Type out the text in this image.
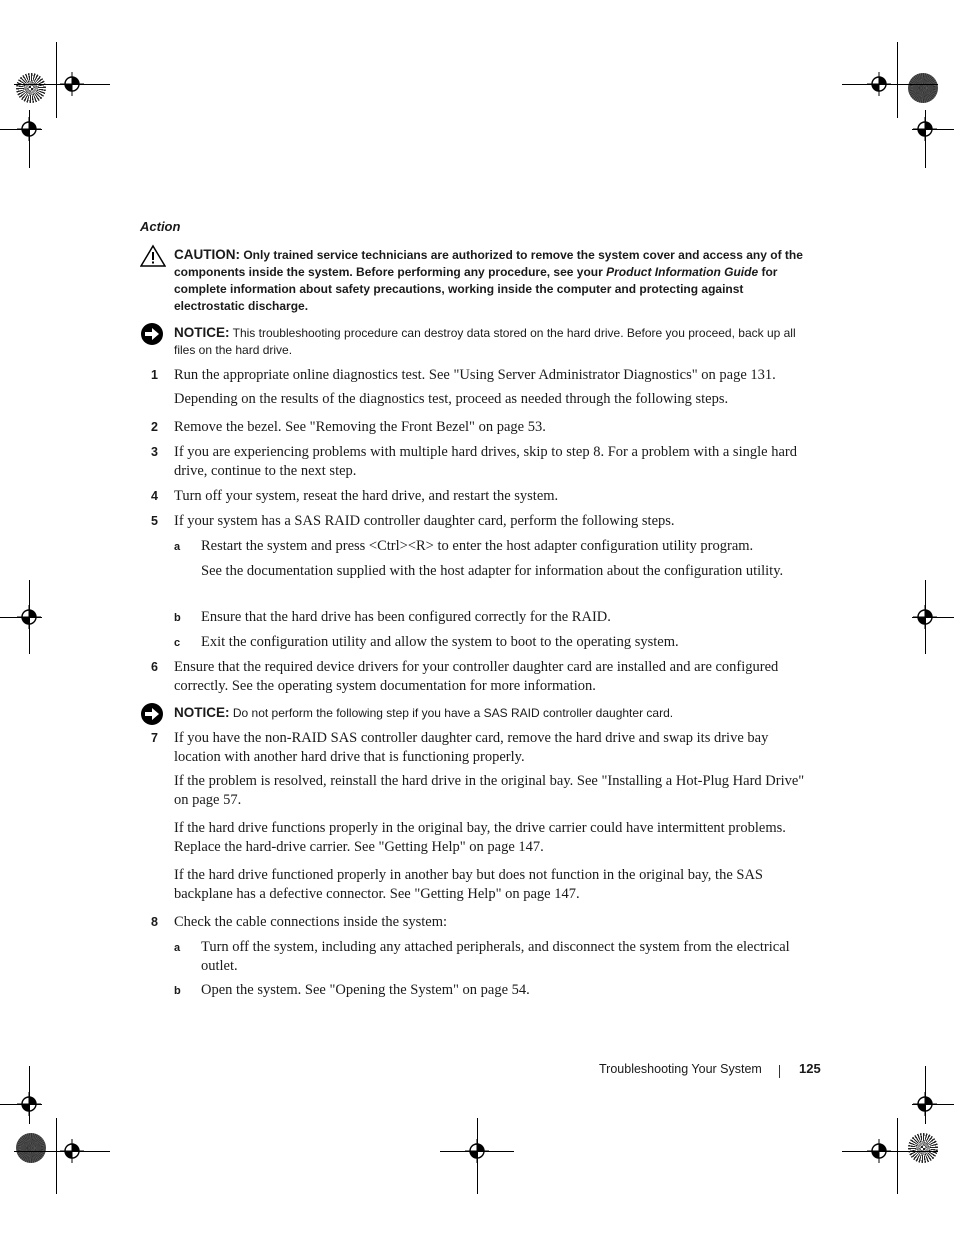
Action
CAUTION: Only trained service technicians are authorized to remove the system cover and access any of the components inside the system. Before performing any procedure, see your Product Information Guide for complete information about safety precautions, working inside the computer and protecting against electrostatic discharge.
NOTICE: This troubleshooting procedure can destroy data stored on the hard drive. Before you proceed, back up all files on the hard drive.
1	Run the appropriate online diagnostics test. See "Using Server Administrator Diagnostics" on page 131.
Depending on the results of the diagnostics test, proceed as needed through the following steps.
2	Remove the bezel. See "Removing the Front Bezel" on page 53.
3	If you are experiencing problems with multiple hard drives, skip to step 8. For a problem with a single hard drive, continue to the next step.
4	Turn off your system, reseat the hard drive, and restart the system.
5	If your system has a SAS RAID controller daughter card, perform the following steps.
a Restart the system and press <Ctrl><R> to enter the host adapter configuration utility program.
See the documentation supplied with the host adapter for information about the configuration utility.
b Ensure that the hard drive has been configured correctly for the RAID.
c Exit the configuration utility and allow the system to boot to the operating system.
6	Ensure that the required device drivers for your controller daughter card are installed and are configured correctly. See the operating system documentation for more information.
NOTICE: Do not perform the following step if you have a SAS RAID controller daughter card.
7	If you have the non-RAID SAS controller daughter card, remove the hard drive and swap its drive bay location with another hard drive that is functioning properly.
If the problem is resolved, reinstall the hard drive in the original bay. See "Installing a Hot-Plug Hard Drive" on page 57.
If the hard drive functions properly in the original bay, the drive carrier could have intermittent problems. Replace the hard-drive carrier. See "Getting Help" on page 147.
If the hard drive functioned properly in another bay but does not function in the original bay, the SAS backplane has a defective connector. See "Getting Help" on page 147.
8	Check the cable connections inside the system:
a Turn off the system, including any attached peripherals, and disconnect the system from the electrical outlet.
b Open the system. See "Opening the System" on page 54.
Troubleshooting Your System	125
